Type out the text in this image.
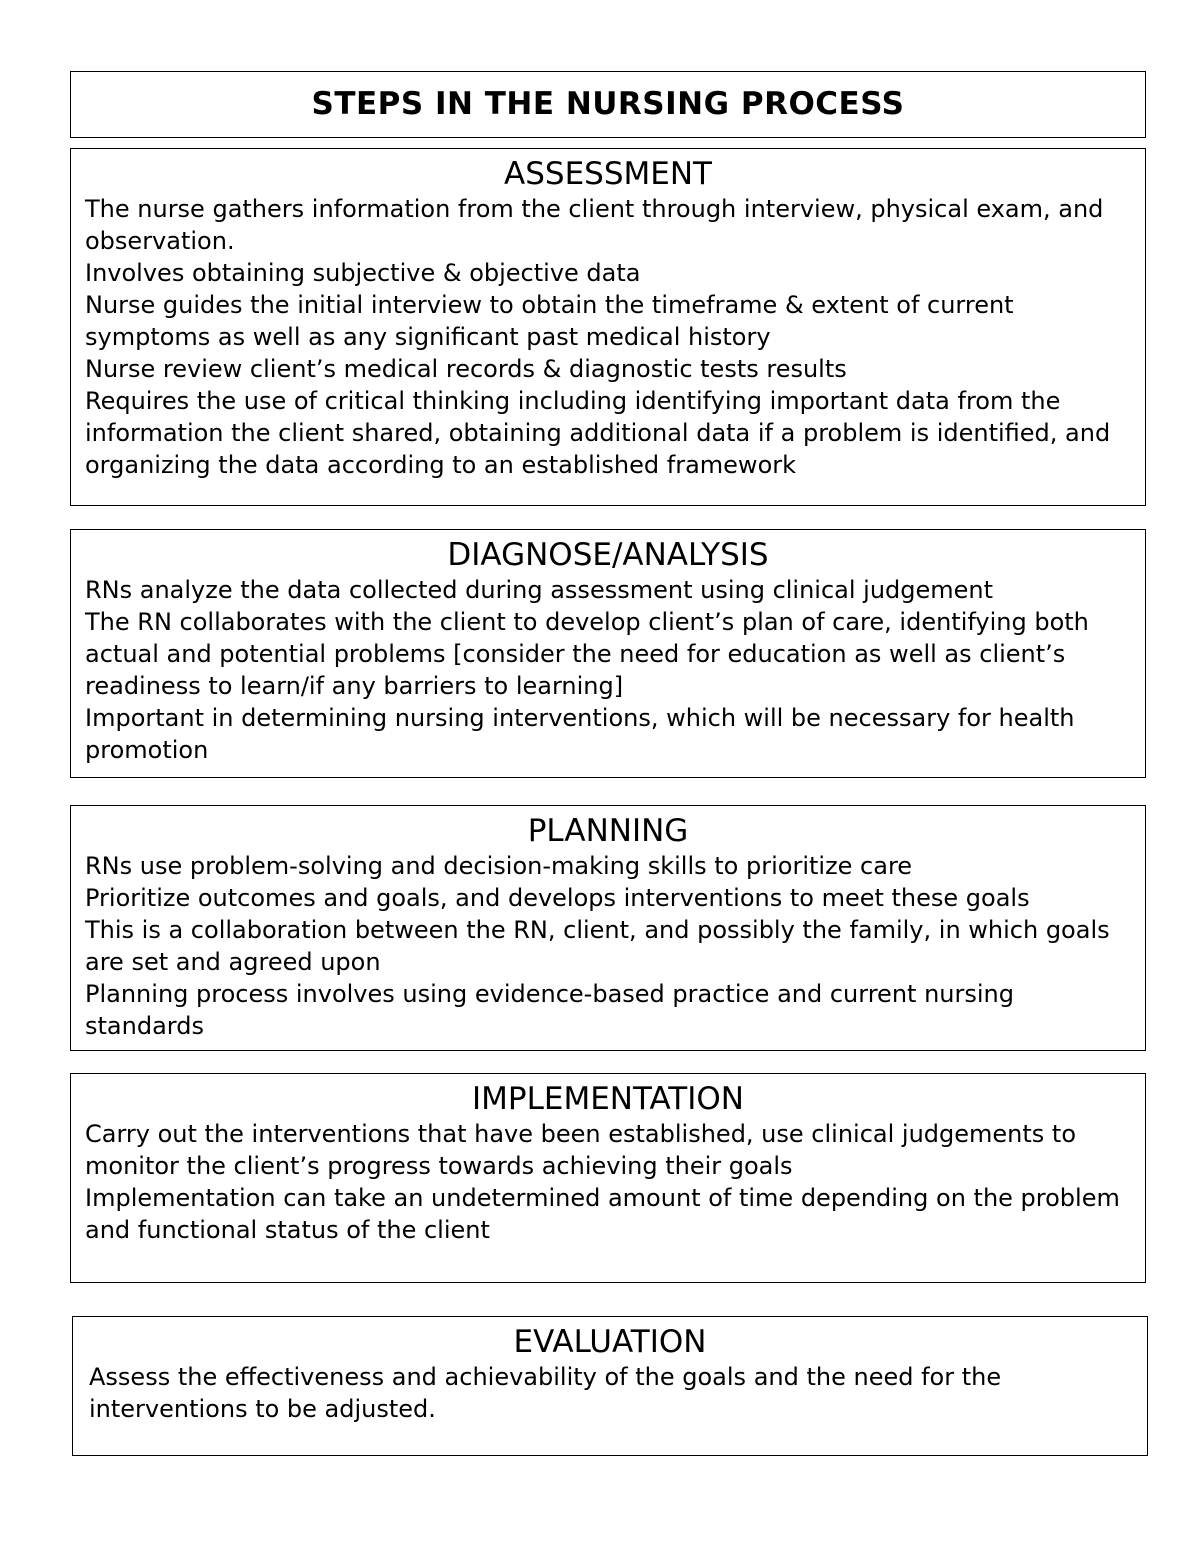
STEPS IN THE NURSING PROCESS
ASSESSMENT

The nurse gathers information from the client through interview, physical exam, and observation.

Involves obtaining subjective & objective data

Nurse guides the initial interview to obtain the timeframe & extent of current symptoms as well as any significant past medical history

Nurse review client’s medical records & diagnostic tests results

Requires the use of critical thinking including identifying important data from the information the client shared, obtaining additional data if a problem is identified, and organizing the data according to an established framework

DIAGNOSE/ANALYSIS

RNs analyze the data collected during assessment using clinical judgement

The RN collaborates with the client to develop client’s plan of care, identifying both actual and potential problems [consider the need for education as well as client’s readiness to learn/if any barriers to learning]

Important in determining nursing interventions, which will be necessary for health promotion

PLANNING

RNs use problem-solving and decision-making skills to prioritize care

Prioritize outcomes and goals, and develops interventions to meet these goals

This is a collaboration between the RN, client, and possibly the family, in which goals are set and agreed upon

Planning process involves using evidence-based practice and current nursing standards

IMPLEMENTATION

Carry out the interventions that have been established, use clinical judgements to monitor the client’s progress towards achieving their goals

Implementation can take an undetermined amount of time depending on the problem and functional status of the client

EVALUATION

Assess the effectiveness and achievability of the goals and the need for the interventions to be adjusted.
